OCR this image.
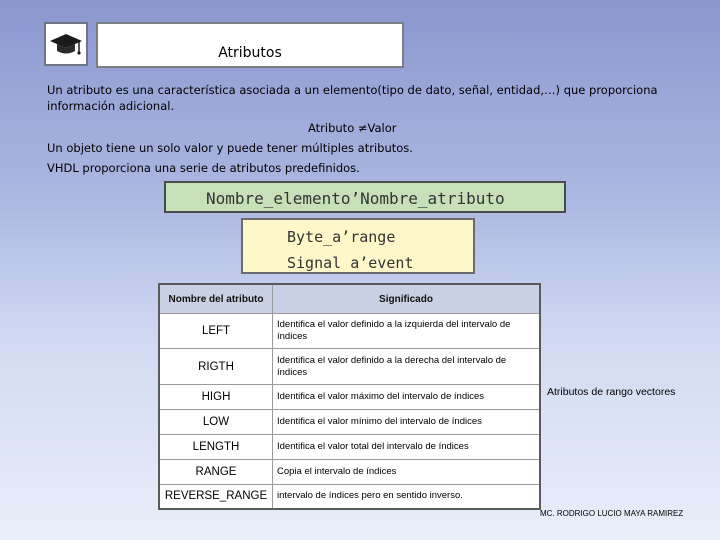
Atributos
Un atributo es una característica asociada a un elemento(tipo de dato, señal, entidad,…) que proporciona
información adicional.
Atributo ≠Valor
Un objeto tiene un solo valor y puede tener múltiples atributos.
VHDL proporciona una serie de atributos predefinidos.
Nombre_elemento’Nombre_atributo
Byte_a’range
Signal a’event
Nombre del atributo	Significado
LEFT	Identifica el valor definido a la izquierda del intervalo de índices
RIGTH	Identifica el valor definido a la derecha del intervalo de índices
HIGH	Identifica el valor máximo del intervalo de índices
LOW	Identifica el valor mínimo del intervalo de índices
LENGTH	Identifica el valor total del intervalo de índices
RANGE	Copia el intervalo de índices
REVERSE_RANGE	intervalo de índices pero en sentido inverso.
Atributos de rango vectores
MC. RODRIGO LUCIO MAYA RAMIREZ
